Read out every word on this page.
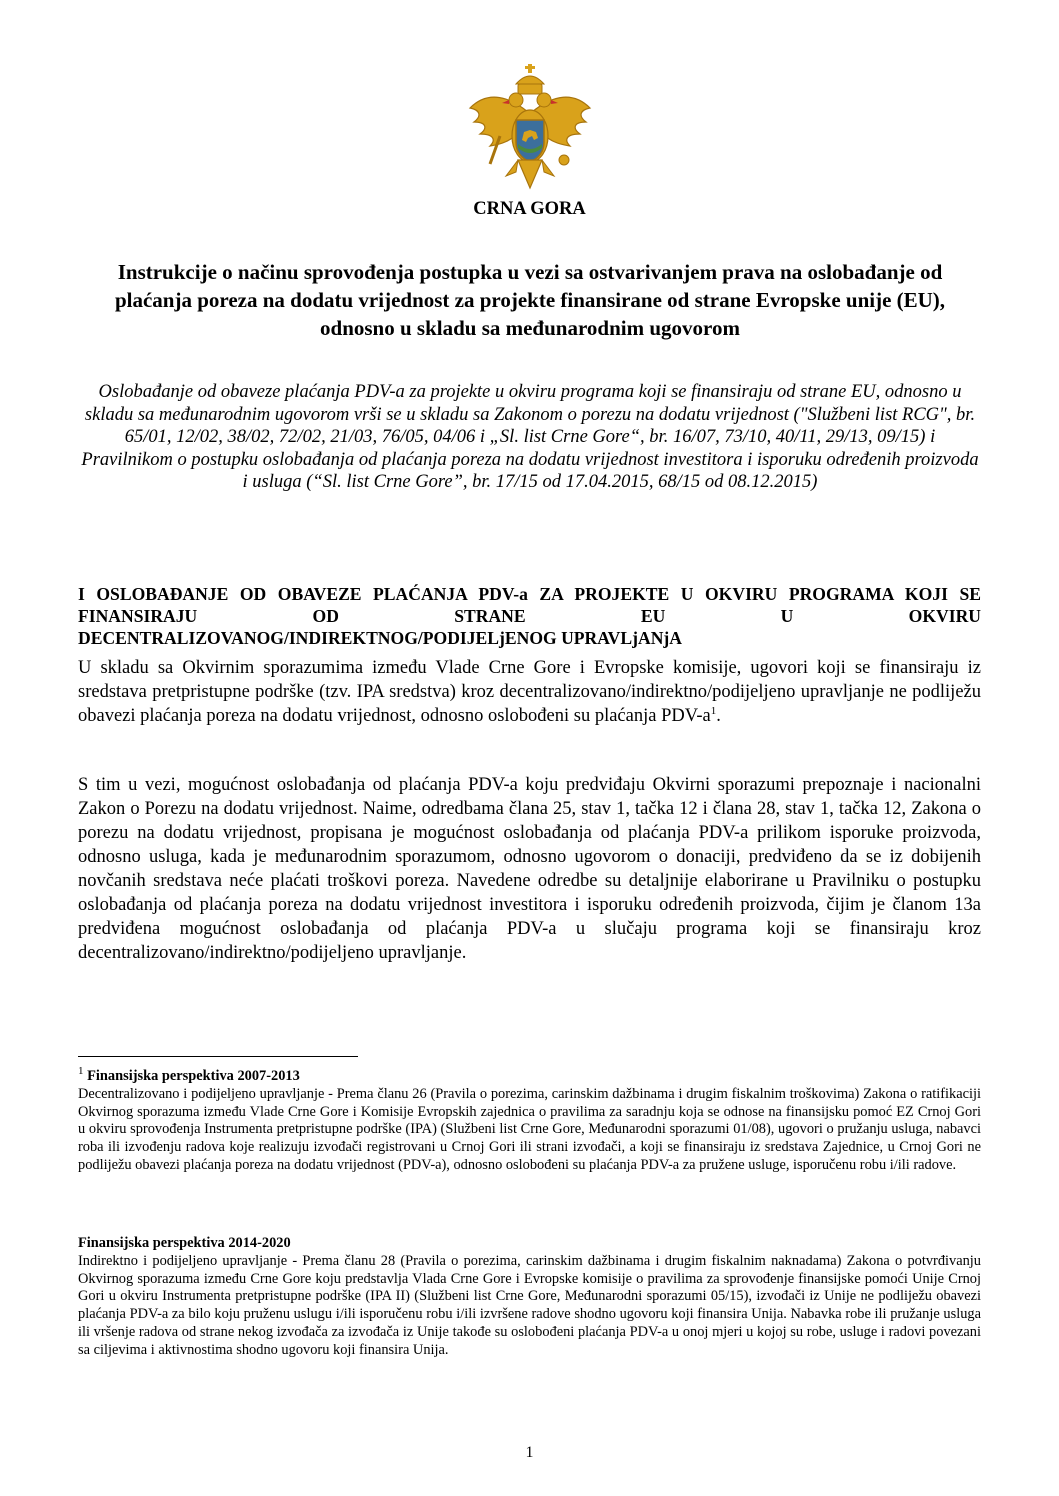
CRNA GORA
Instrukcije o načinu sprovođenja postupka u vezi sa ostvarivanjem prava na oslobađanje od plaćanja poreza na dodatu vrijednost za projekte finansirane od strane Evropske unije (EU), odnosno u skladu sa međunarodnim ugovorom
Oslobađanje od obaveze plaćanja PDV-a za projekte u okviru programa koji se finansiraju od strane EU, odnosno u skladu sa međunarodnim ugovorom vrši se u skladu sa Zakonom o porezu na dodatu vrijednost ("Službeni list RCG", br. 65/01, 12/02, 38/02, 72/02, 21/03, 76/05, 04/06 i „Sl. list Crne Gore“, br. 16/07, 73/10, 40/11, 29/13, 09/15) i Pravilnikom o postupku oslobađanja od plaćanja poreza na dodatu vrijednost investitora i isporuku određenih proizvoda i usluga (“Sl. list Crne Gore”, br. 17/15 od 17.04.2015, 68/15 od 08.12.2015)
I OSLOBAĐANJE OD OBAVEZE PLAĆANJA PDV-a ZA PROJEKTE U OKVIRU PROGRAMA KOJI SE FINANSIRAJU OD STRANE EU U OKVIRU
DECENTRALIZOVANOG/INDIREKTNOG/PODIJELjENOG UPRAVLjANjA
U skladu sa Okvirnim sporazumima između Vlade Crne Gore i Evropske komisije, ugovori koji se finansiraju iz sredstava pretpristupne podrške (tzv. IPA sredstva) kroz decentralizovano/indirektno/podijeljeno upravljanje ne podliježu obavezi plaćanja poreza na dodatu vrijednost, odnosno oslobođeni su plaćanja PDV-$a^1$.
S tim u vezi, mogućnost oslobađanja od plaćanja PDV-a koju predviđaju Okvirni sporazumi prepoznaje i nacionalni Zakon o Porezu na dodatu vrijednost. Naime, odredbama člana 25, stav 1, tačka 12 i člana 28, stav 1, tačka 12, Zakona o porezu na dodatu vrijednost, propisana je mogućnost oslobađanja od plaćanja PDV-a prilikom isporuke proizvoda, odnosno usluga, kada je međunarodnim sporazumom, odnosno ugovorom o donaciji, predviđeno da se iz dobijenih novčanih sredstava neće plaćati troškovi poreza. Navedene odredbe su detaljnije elaborirane u Pravilniku o postupku oslobađanja od plaćanja poreza na dodatu vrijednost investitora i isporuku određenih proizvoda, čijim je članom 13a predviđena mogućnost oslobađanja od plaćanja PDV-a u slučaju programa koji se finansiraju kroz decentralizovano/indirektno/podijeljeno upravljanje.
$^1$ Finansijska perspektiva 2007-2013
Decentralizovano i podijeljeno upravljanje - Prema članu 26 (Pravila o porezima, carinskim dažbinama i drugim fiskalnim troškovima) Zakona o ratifikaciji Okvirnog sporazuma između Vlade Crne Gore i Komisije Evropskih zajednica o pravilima za saradnju koja se odnose na finansijsku pomoć EZ Crnoj Gori u okviru sprovođenja Instrumenta pretpristupne podrške (IPA) (Službeni list Crne Gore, Međunarodni sporazumi 01/08), ugovori o pružanju usluga, nabavci roba ili izvođenju radova koje realizuju izvođači registrovani u Crnoj Gori ili strani izvođači, a koji se finansiraju iz sredstava Zajednice, u Crnoj Gori ne podliježu obavezi plaćanja poreza na dodatu vrijednost (PDV-a), odnosno oslobođeni su plaćanja PDV-a za pružene usluge, isporučenu robu i/ili radove.
Finansijska perspektiva 2014-2020
Indirektno i podijeljeno upravljanje - Prema članu 28 (Pravila o porezima, carinskim dažbinama i drugim fiskalnim naknadama) Zakona o potvrđivanju Okvirnog sporazuma između Crne Gore koju predstavlja Vlada Crne Gore i Evropske komisije o pravilima za sprovođenje finansijske pomoći Unije Crnoj Gori u okviru Instrumenta pretpristupne podrške (IPA II) (Službeni list Crne Gore, Međunarodni sporazumi 05/15), izvođači iz Unije ne podliježu obavezi plaćanja PDV-a za bilo koju pruženu uslugu i/ili isporučenu robu i/ili izvršene radove shodno ugovoru koji finansira Unija. Nabavka robe ili pružanje usluga ili vršenje radova od strane nekog izvođača za izvođača iz Unije takođe su oslobođeni plaćanja PDV-a u onoj mjeri u kojoj su robe, usluge i radovi povezani sa ciljevima i aktivnostima shodno ugovoru koji finansira Unija.
1
